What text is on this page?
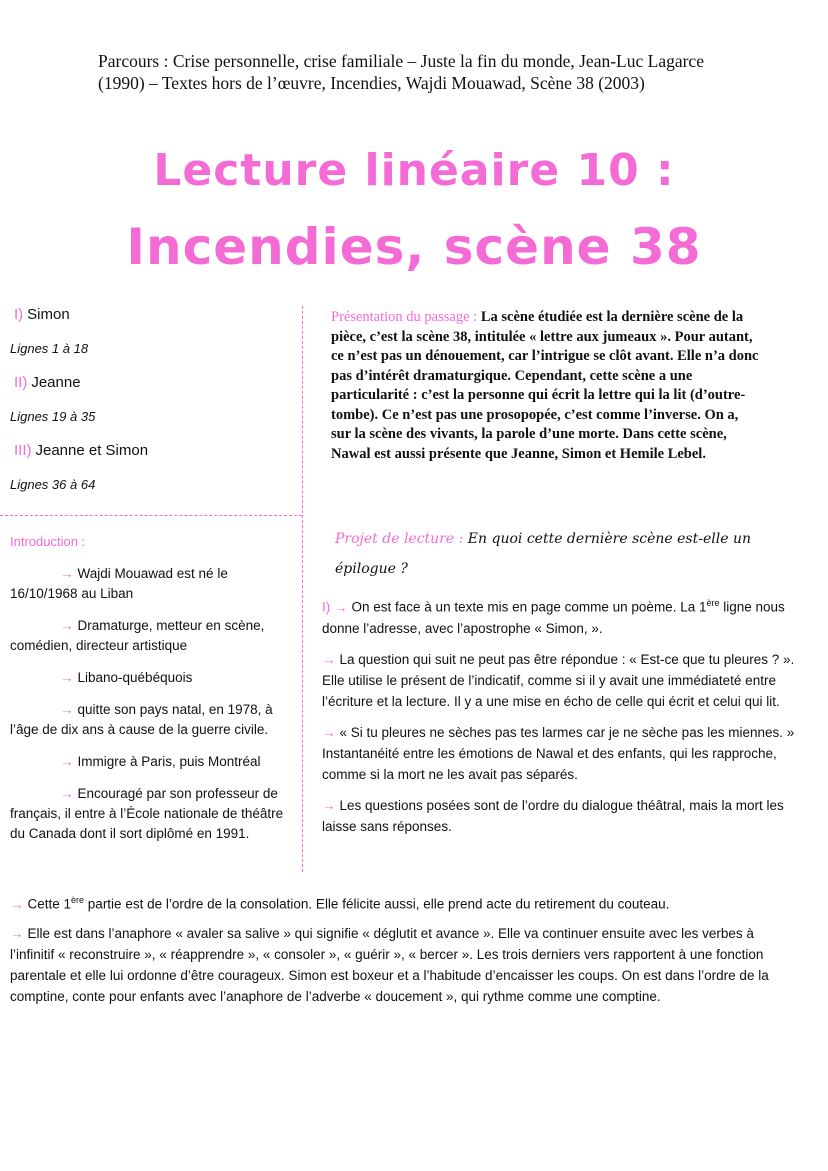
Parcours : Crise personnelle, crise familiale – Juste la fin du monde, Jean-Luc Lagarce (1990) – Textes hors de l’œuvre, Incendies, Wajdi Mouawad, Scène 38 (2003)
Lecture linéaire 10 :
Incendies, scène 38
I) Simon
Lignes 1 à 18
II) Jeanne
Lignes 19 à 35
III) Jeanne et Simon
Lignes 36 à 64
Introduction :
→ Wajdi Mouawad est né le 16/10/1968 au Liban
→ Dramaturge, metteur en scène, comédien, directeur artistique
→ Libano-québéquois
→ quitte son pays natal, en 1978, à l’âge de dix ans à cause de la guerre civile.
→ Immigre à Paris, puis Montréal
→ Encouragé par son professeur de français, il entre à l’École nationale de théâtre du Canada dont il sort diplômé en 1991.
Présentation du passage : La scène étudiée est la dernière scène de la pièce, c’est la scène 38, intitulée « lettre aux jumeaux ». Pour autant, ce n’est pas un dénouement, car l’intrigue se clôt avant. Elle n’a donc pas d’intérêt dramaturgique. Cependant, cette scène a une particularité : c’est la personne qui écrit la lettre qui la lit (d’outre-tombe). Ce n’est pas une prosopopée, c’est comme l’inverse. On a, sur la scène des vivants, la parole d’une morte. Dans cette scène, Nawal est aussi présente que Jeanne, Simon et Hemile Lebel.
Projet de lecture : En quoi cette dernière scène est-elle un épilogue ?
I) → On est face à un texte mis en page comme un poème. La 1ère ligne nous donne l’adresse, avec l’apostrophe « Simon, ».
→ La question qui suit ne peut pas être répondue : « Est-ce que tu pleures ? ». Elle utilise le présent de l’indicatif, comme si il y avait une immédiateté entre l’écriture et la lecture. Il y a une mise en écho de celle qui écrit et celui qui lit.
→ « Si tu pleures ne sèches pas tes larmes car je ne sèche pas les miennes. » Instantanéité entre les émotions de Nawal et des enfants, qui les rapproche, comme si la mort ne les avait pas séparés.
→ Les questions posées sont de l’ordre du dialogue théâtral, mais la mort les laisse sans réponses.
→ Cette 1ère partie est de l’ordre de la consolation. Elle félicite aussi, elle prend acte du retirement du couteau.
→ Elle est dans l’anaphore « avaler sa salive » qui signifie « déglutit et avance ». Elle va continuer ensuite avec les verbes à l’infinitif « reconstruire », « réapprendre », « consoler », « guérir », « bercer ». Les trois derniers vers rapportent à une fonction parentale et elle lui ordonne d’être courageux. Simon est boxeur et a l’habitude d’encaisser les coups. On est dans l’ordre de la comptine, conte pour enfants avec l’anaphore de l’adverbe « doucement », qui rythme comme une comptine.
